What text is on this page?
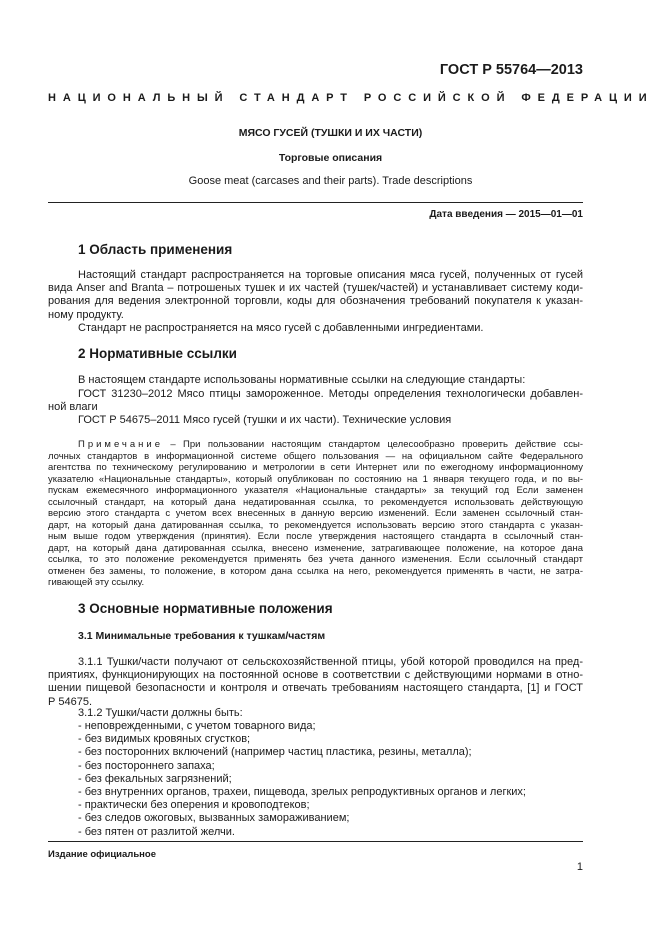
ГОСТ Р 55764—2013
НАЦИОНАЛЬНЫЙ СТАНДАРТ РОССИЙСКОЙ ФЕДЕРАЦИИ
МЯСО ГУСЕЙ (ТУШКИ И ИХ ЧАСТИ)
Торговые описания
Goose meat (carcases and their parts). Trade descriptions
Дата введения — 2015—01—01
1 Область применения
Настоящий стандарт распространяется на торговые описания мяса гусей, полученных от гусей
вида Anser and Branta – потрошеных тушек и их частей (тушек/частей) и устанавливает систему коди-
рования для ведения электронной торговли, коды для обозначения требований покупателя к указан-
ному продукту.
Стандарт не распространяется на мясо гусей с добавленными ингредиентами.
2 Нормативные ссылки
В настоящем стандарте использованы нормативные ссылки на следующие стандарты:
ГОСТ 31230–2012 Мясо птицы замороженное. Методы определения технологически добавлен-
ной влаги
ГОСТ Р 54675–2011 Мясо гусей (тушки и их части). Технические условия
Примечание – При пользовании настоящим стандартом целесообразно проверить действие ссы-
лочных стандартов в информационной системе общего пользования — на официальном сайте Федерального
агентства по техническому регулированию и метрологии в сети Интернет или по ежегодному информационному
указателю «Национальные стандарты», который опубликован по состоянию на 1 января текущего года, и по вы-
пускам ежемесячного информационного указателя «Национальные стандарты» за текущий год Если заменен
ссылочный стандарт, на который дана недатированная ссылка, то рекомендуется использовать действующую
версию этого стандарта с учетом всех внесенных в данную версию изменений. Если заменен ссылочный стан-
дарт, на который дана датированная ссылка, то рекомендуется использовать версию этого стандарта с указан-
ным выше годом утверждения (принятия). Если после утверждения настоящего стандарта в ссылочный стан-
дарт, на который дана датированная ссылка, внесено изменение, затрагивающее положение, на которое дана
ссылка, то это положение рекомендуется применять без учета данного изменения. Если ссылочный стандарт
отменен без замены, то положение, в котором дана ссылка на него, рекомендуется применять в части, не затра-
гивающей эту ссылку.
3 Основные нормативные положения
3.1 Минимальные требования к тушкам/частям
3.1.1 Тушки/части получают от сельскохозяйственной птицы, убой которой проводился на пред-
приятиях, функционирующих на постоянной основе в соответствии с действующими нормами в отно-
шении пищевой безопасности и контроля и отвечать требованиям настоящего стандарта, [1] и ГОСТ
Р 54675.
3.1.2 Тушки/части должны быть:
- неповрежденными, с учетом товарного вида;
- без видимых кровяных сгустков;
- без посторонних включений (например частиц пластика, резины, металла);
- без постороннего запаха;
- без фекальных загрязнений;
- без внутренних органов, трахеи, пищевода, зрелых репродуктивных органов и легких;
- практически без оперения и кровоподтеков;
- без следов ожоговых, вызванных замораживанием;
- без пятен от разлитой желчи.
Издание официальное
1
